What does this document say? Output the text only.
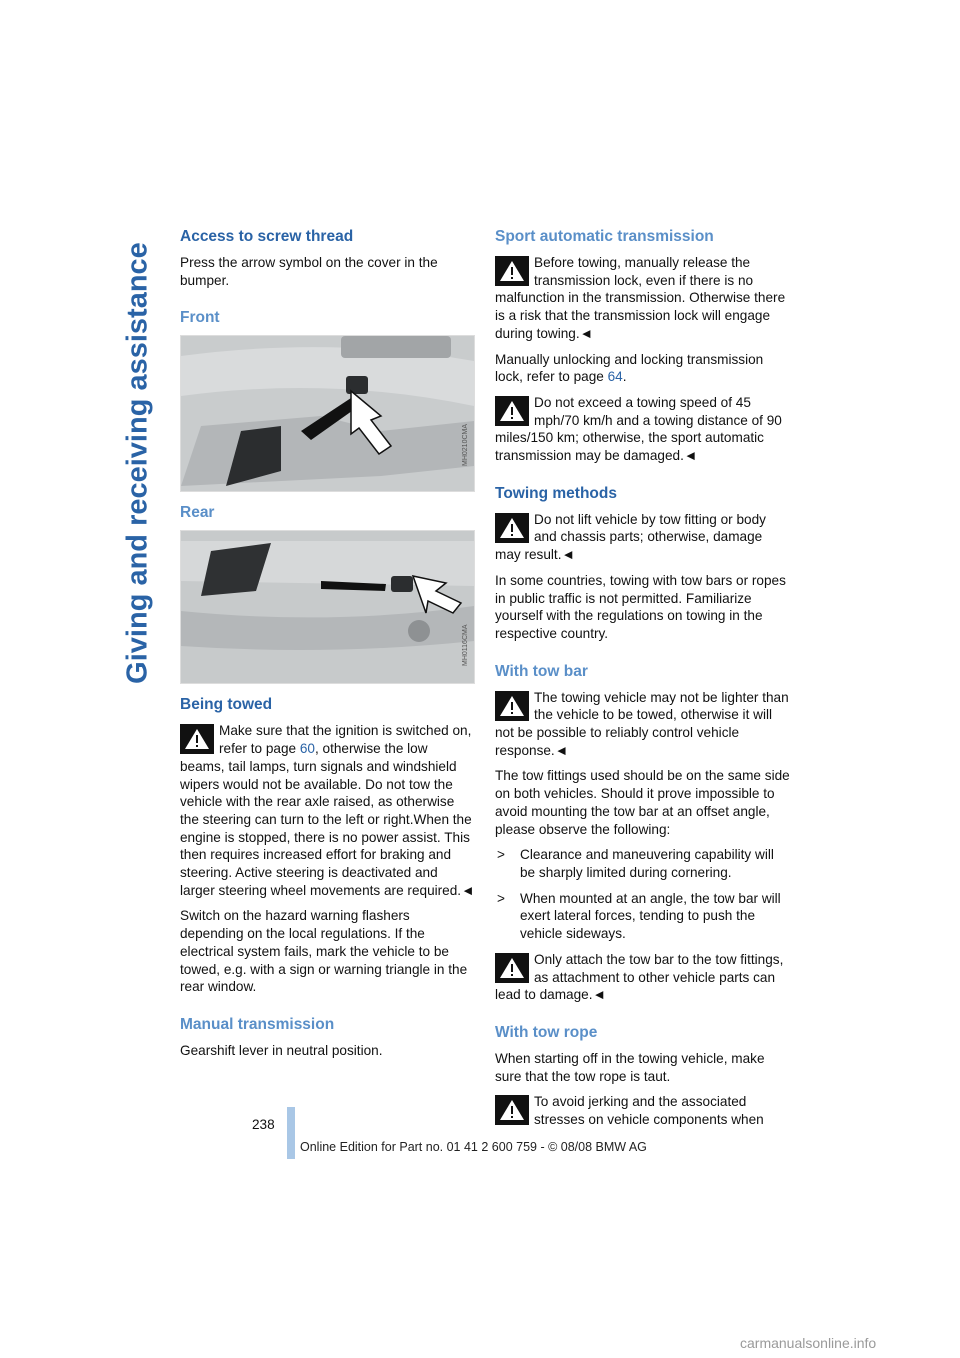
Giving and receiving assistance
Access to screw thread

Press the arrow symbol on the cover in the bumper.

Front
MH0210CMA
Rear
MH0116CMA
Being towed
Make sure that the ignition is switched on, refer to page 60, otherwise the low beams, tail lamps, turn signals and windshield wipers would not be available. Do not tow the vehicle with the rear axle raised, as otherwise the steering can turn to the left or right.When the engine is stopped, there is no power assist. This then requires increased effort for braking and steering. Active steering is deactivated and larger steering wheel movements are required.◄

Switch on the hazard warning flashers depending on the local regulations. If the electrical system fails, mark the vehicle to be towed, e.g. with a sign or warning triangle in the rear window.

Manual transmission

Gearshift lever in neutral position.

Sport automatic transmission
Before towing, manually release the transmission lock, even if there is no malfunction in the transmission. Otherwise there is a risk that the transmission lock will engage during towing.◄

Manually unlocking and locking transmission lock, refer to page 64.

Do not exceed a towing speed of 45 mph/70 km/h and a towing distance of 90 miles/150 km; otherwise, the sport automatic transmission may be damaged.◄
Towing methods
Do not lift vehicle by tow fitting or body and chassis parts; otherwise, damage may result.◄

In some countries, towing with tow bars or ropes in public traffic is not permitted. Familiarize yourself with the regulations on towing in the respective country.

With tow bar
The towing vehicle may not be lighter than the vehicle to be towed, otherwise it will not be possible to reliably control vehicle response.◄

The tow fittings used should be on the same side on both vehicles. Should it prove impossible to avoid mounting the tow bar at an offset angle, please observe the following:

> Clearance and maneuvering capability will be sharply limited during cornering.
> When mounted at an angle, the tow bar will exert lateral forces, tending to push the vehicle sideways.
Only attach the tow bar to the tow fittings, as attachment to other vehicle parts can lead to damage.◄
With tow rope

When starting off in the towing vehicle, make sure that the tow rope is taut.

To avoid jerking and the associated stresses on vehicle components when
238
Online Edition for Part no. 01 41 2 600 759 - © 08/08 BMW AG
carmanualsonline.info
